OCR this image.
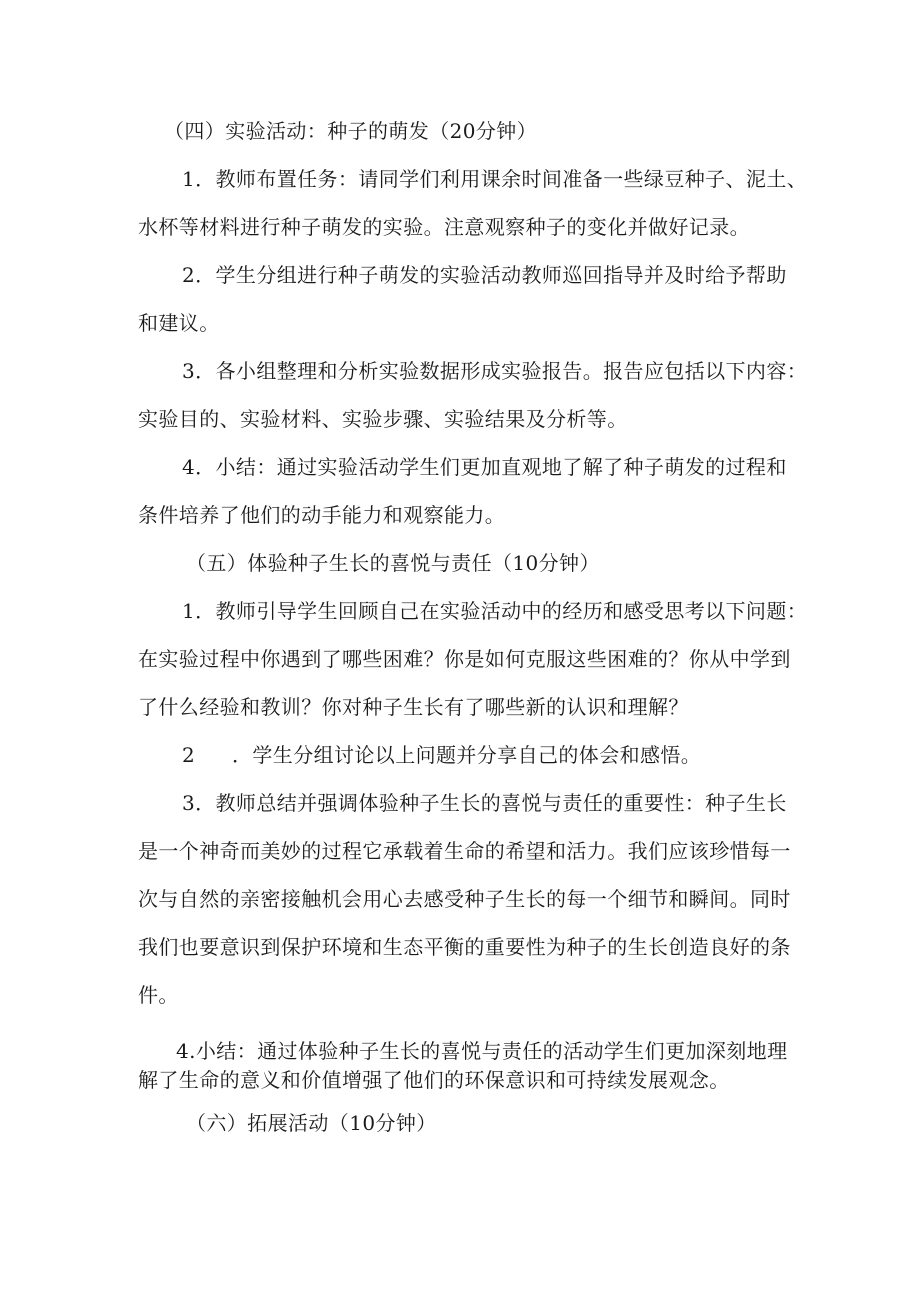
（四）实验活动：种子的萌发（20分钟）

1．教师布置任务：请同学们利用课余时间准备一些绿豆种子、泥土、

水杯等材料进行种子萌发的实验。注意观察种子的变化并做好记录。

2．学生分组进行种子萌发的实验活动教师巡回指导并及时给予帮助

和建议。

3．各小组整理和分析实验数据形成实验报告。报告应包括以下内容：

实验目的、实验材料、实验步骤、实验结果及分析等。

4．小结：通过实验活动学生们更加直观地了解了种子萌发的过程和

条件培养了他们的动手能力和观察能力。

（五）体验种子生长的喜悦与责任（10分钟）

1．教师引导学生回顾自己在实验活动中的经历和感受思考以下问题：

在实验过程中你遇到了哪些困难？你是如何克服这些困难的？你从中学到

了什么经验和教训？你对种子生长有了哪些新的认识和理解？

2 ．学生分组讨论以上问题并分享自己的体会和感悟。

3．教师总结并强调体验种子生长的喜悦与责任的重要性：种子生长

是一个神奇而美妙的过程它承载着生命的希望和活力。我们应该珍惜每一

次与自然的亲密接触机会用心去感受种子生长的每一个细节和瞬间。同时

我们也要意识到保护环境和生态平衡的重要性为种子的生长创造良好的条

件。

4.小结：通过体验种子生长的喜悦与责任的活动学生们更加深刻地理

解了生命的意义和价值增强了他们的环保意识和可持续发展观念。

（六）拓展活动（10分钟）
